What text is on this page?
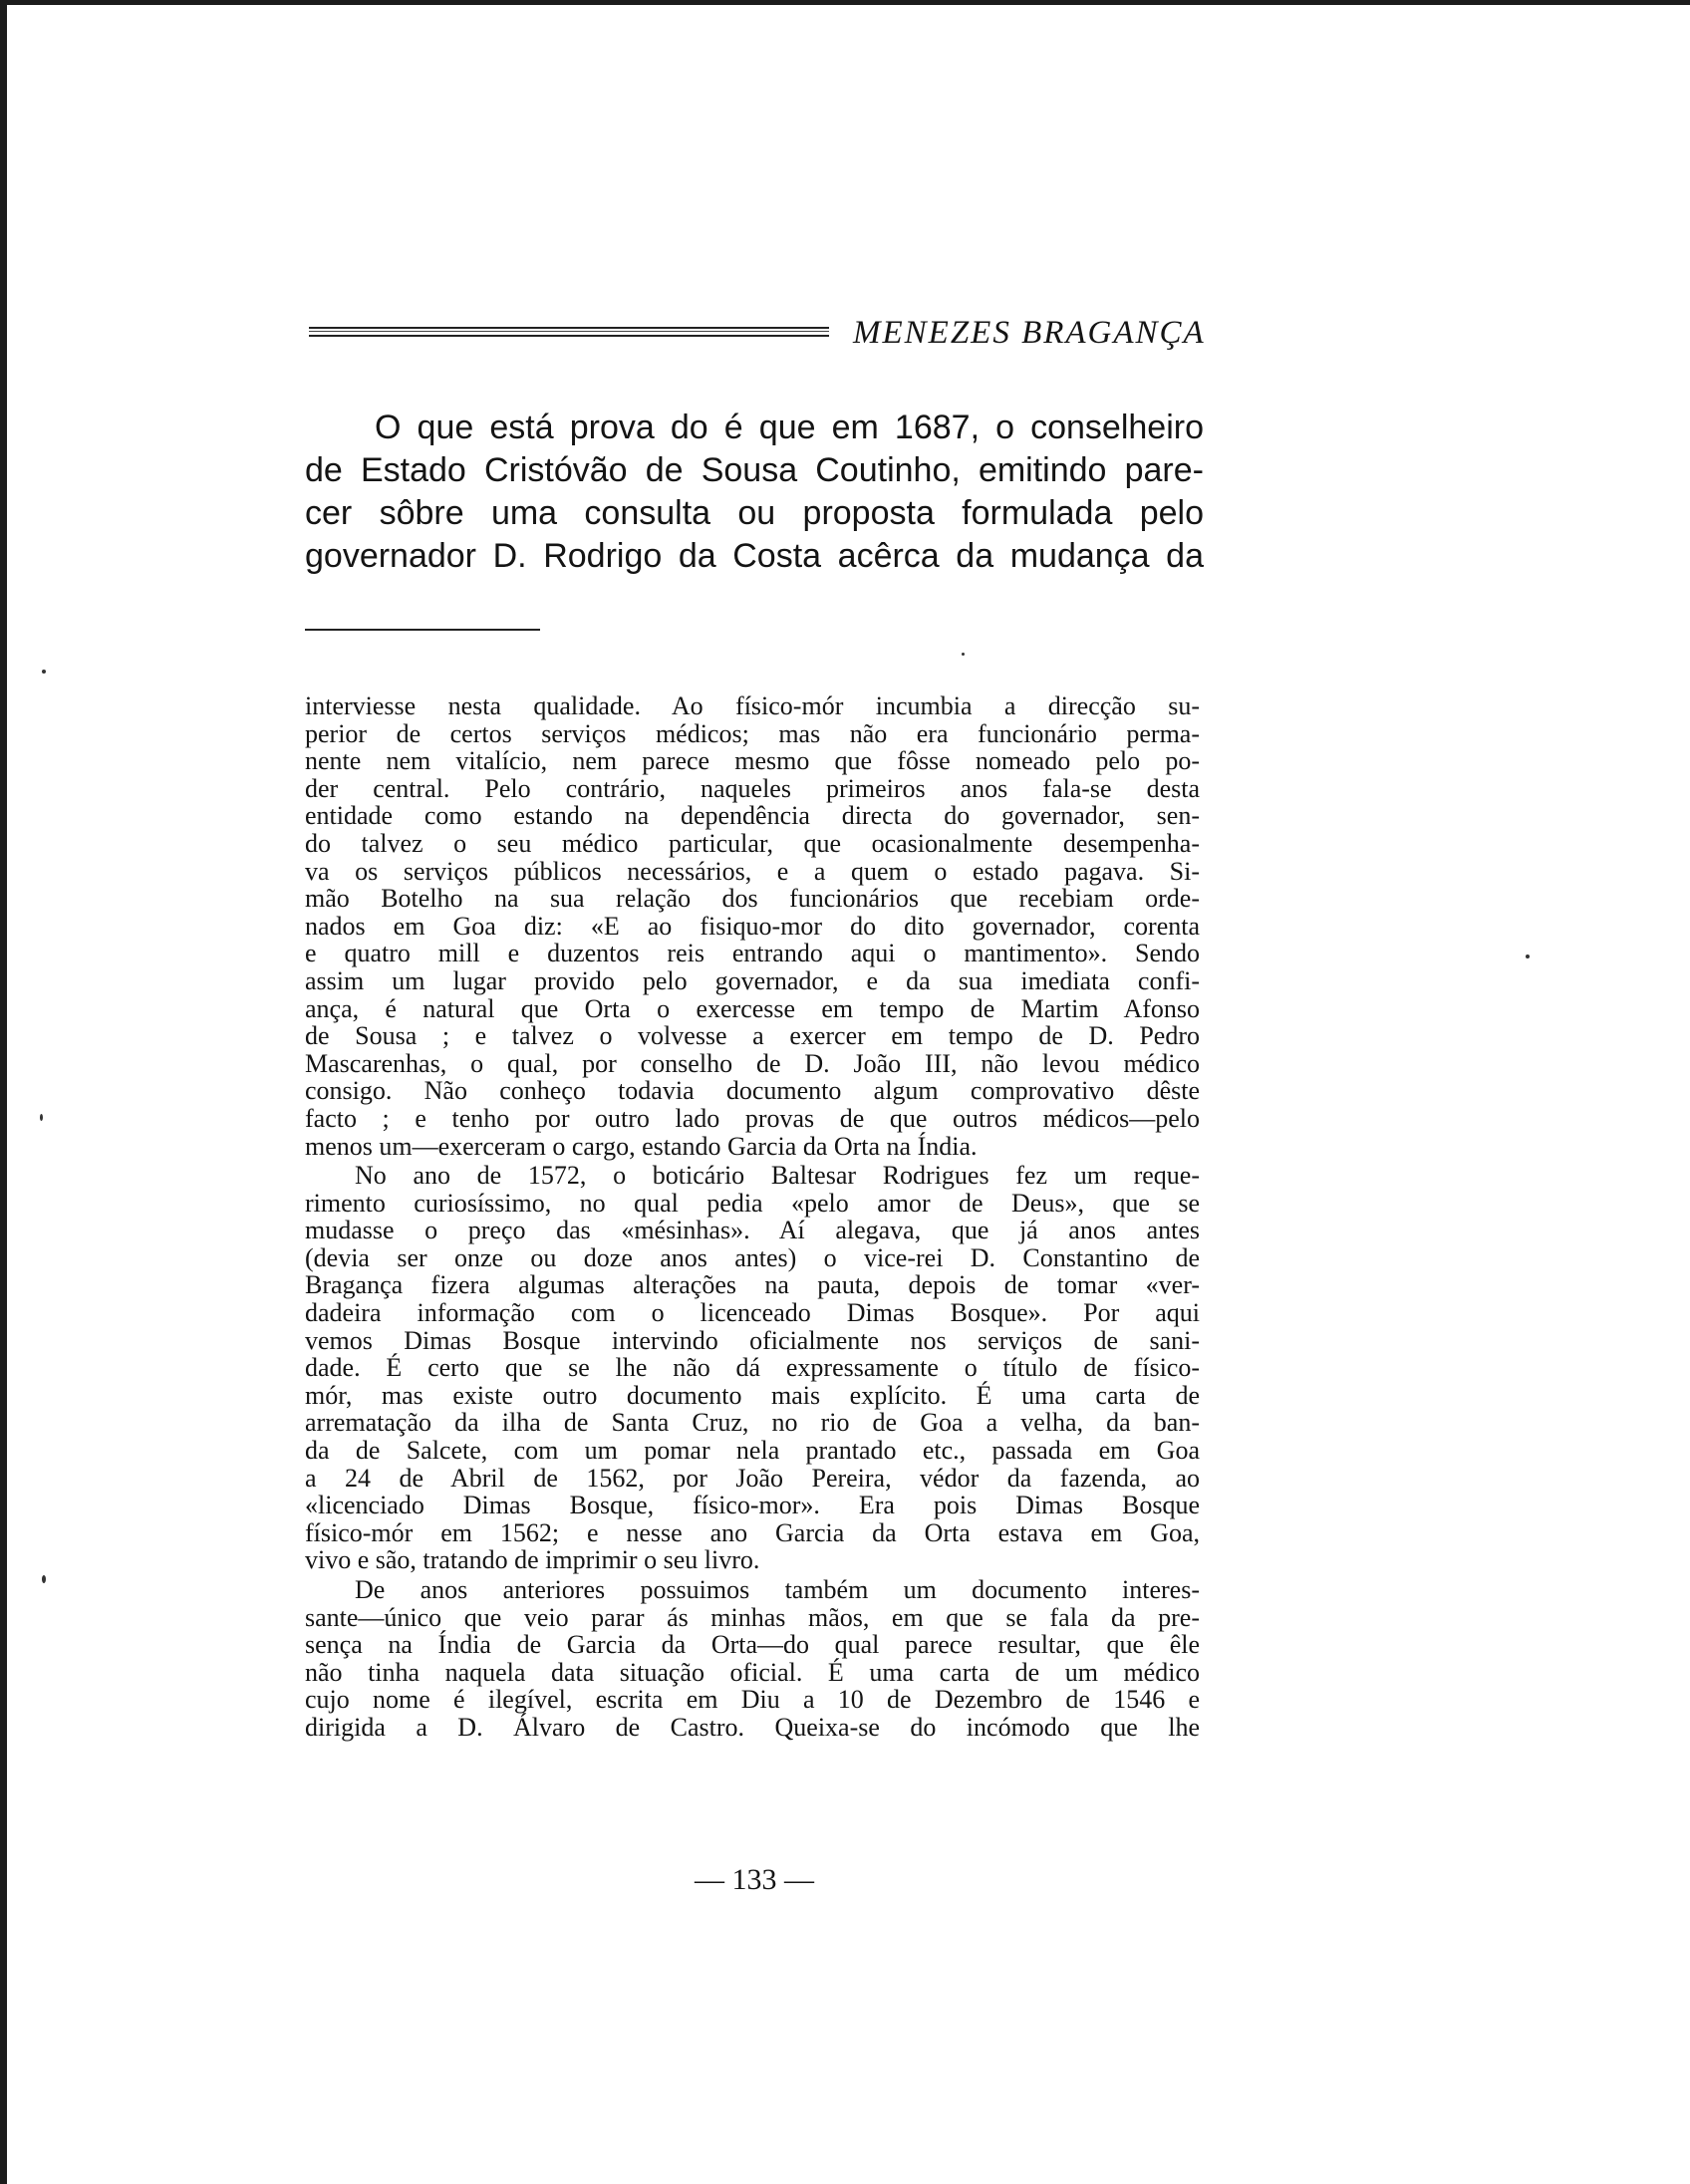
MENEZES BRAGANÇA
O que está prova do é que em 1687, o conselheiro
de Estado Cristóvão de Sousa Coutinho, emitindo pare-
cer sôbre uma consulta ou proposta formulada pelo
governador D. Rodrigo da Costa acêrca da mudança da
interviesse nesta qualidade. Ao físico-mór incumbia a direcção su-
perior de certos serviços médicos; mas não era funcionário perma-
nente nem vitalício, nem parece mesmo que fôsse nomeado pelo po-
der central. Pelo contrário, naqueles primeiros anos fala-se desta
entidade como estando na dependência directa do governador, sen-
do talvez o seu médico particular, que ocasionalmente desempenha-
va os serviços públicos necessários, e a quem o estado pagava. Si-
mão Botelho na sua relação dos funcionários que recebiam orde-
nados em Goa diz: «E ao fisiquo-mor do dito governador, corenta
e quatro mill e duzentos reis entrando aqui o mantimento». Sendo
assim um lugar provido pelo governador, e da sua imediata confi-
ança, é natural que Orta o exercesse em tempo de Martim Afonso
de Sousa ; e talvez o volvesse a exercer em tempo de D. Pedro
Mascarenhas, o qual, por conselho de D. João III, não levou médico
consigo. Não conheço todavia documento algum comprovativo dêste
facto ; e tenho por outro lado provas de que outros médicos—pelo
menos um—exerceram o cargo, estando Garcia da Orta na Índia.
No ano de 1572, o boticário Baltesar Rodrigues fez um reque-
rimento curiosíssimo, no qual pedia «pelo amor de Deus», que se
mudasse o preço das «mésinhas». Aí alegava, que já anos antes
(devia ser onze ou doze anos antes) o vice-rei D. Constantino de
Bragança fizera algumas alterações na pauta, depois de tomar «ver-
dadeira informação com o licenceado Dimas Bosque». Por aqui
vemos Dimas Bosque intervindo oficialmente nos serviços de sani-
dade. É certo que se lhe não dá expressamente o título de físico-
mór, mas existe outro documento mais explícito. É uma carta de
arrematação da ilha de Santa Cruz, no rio de Goa a velha, da ban-
da de Salcete, com um pomar nela prantado etc., passada em Goa
a 24 de Abril de 1562, por João Pereira, védor da fazenda, ao
«licenciado Dimas Bosque, físico-mor». Era pois Dimas Bosque
físico-mór em 1562; e nesse ano Garcia da Orta estava em Goa,
vivo e são, tratando de imprimir o seu livro.
De anos anteriores possuimos também um documento interes-
sante—único que veio parar ás minhas mãos, em que se fala da pre-
sença na Índia de Garcia da Orta—do qual parece resultar, que êle
não tinha naquela data situação oficial. É uma carta de um médico
cujo nome é ilegível, escrita em Diu a 10 de Dezembro de 1546 e
dirigida a D. Álvaro de Castro. Queixa-se do incómodo que lhe
— 133 —
